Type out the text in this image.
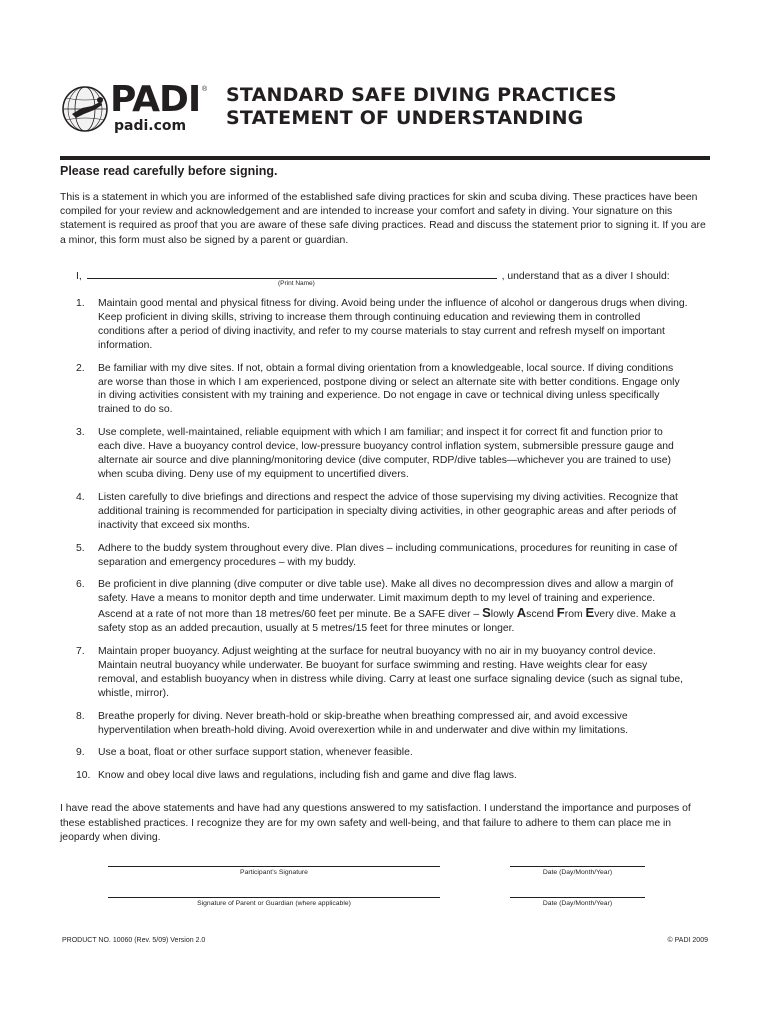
PADI ®
padi.com
STANDARD SAFE DIVING PRACTICES
STATEMENT OF UNDERSTANDING
Please read carefully before signing.
This is a statement in which you are informed of the established safe diving practices for skin and scuba diving. These practices have been compiled for your review and acknowledgement and are intended to increase your comfort and safety in diving. Your signature on this statement is required as proof that you are aware of these safe diving practices. Read and discuss the statement prior to signing it. If you are a minor, this form must also be signed by a parent or guardian.
I,	, understand that as a diver I should:
(Print Name)
1. Maintain good mental and physical fitness for diving. Avoid being under the influence of alcohol or dangerous drugs when diving. Keep proficient in diving skills, striving to increase them through continuing education and reviewing them in controlled conditions after a period of diving inactivity, and refer to my course materials to stay current and refresh myself on important information.
2. Be familiar with my dive sites. If not, obtain a formal diving orientation from a knowledgeable, local source. If diving conditions are worse than those in which I am experienced, postpone diving or select an alternate site with better conditions. Engage only in diving activities consistent with my training and experience. Do not engage in cave or technical diving unless specifically trained to do so.
3. Use complete, well-maintained, reliable equipment with which I am familiar; and inspect it for correct fit and function prior to each dive. Have a buoyancy control device, low-pressure buoyancy control inflation system, submersible pressure gauge and alternate air source and dive planning/monitoring device (dive computer, RDP/dive tables—whichever you are trained to use) when scuba diving. Deny use of my equipment to uncertified divers.
4. Listen carefully to dive briefings and directions and respect the advice of those supervising my diving activities. Recognize that additional training is recommended for participation in specialty diving activities, in other geographic areas and after periods of inactivity that exceed six months.
5. Adhere to the buddy system throughout every dive. Plan dives – including communications, procedures for reuniting in case of separation and emergency procedures – with my buddy.
6. Be proficient in dive planning (dive computer or dive table use). Make all dives no decompression dives and allow a margin of safety. Have a means to monitor depth and time underwater. Limit maximum depth to my level of training and experience. Ascend at a rate of not more than 18 metres/60 feet per minute. Be a SAFE diver – Slowly Ascend From Every dive. Make a safety stop as an added precaution, usually at 5 metres/15 feet for three minutes or longer.
7. Maintain proper buoyancy. Adjust weighting at the surface for neutral buoyancy with no air in my buoyancy control device. Maintain neutral buoyancy while underwater. Be buoyant for surface swimming and resting. Have weights clear for easy removal, and establish buoyancy when in distress while diving. Carry at least one surface signaling device (such as signal tube, whistle, mirror).
8. Breathe properly for diving. Never breath-hold or skip-breathe when breathing compressed air, and avoid excessive hyperventilation when breath-hold diving. Avoid overexertion while in and underwater and dive within my limitations.
9. Use a boat, float or other surface support station, whenever feasible.
10. Know and obey local dive laws and regulations, including fish and game and dive flag laws.
I have read the above statements and have had any questions answered to my satisfaction. I understand the importance and purposes of these established practices. I recognize they are for my own safety and well-being, and that failure to adhere to them can place me in jeopardy when diving.
Participant’s Signature	Date (Day/Month/Year)
Signature of Parent or Guardian (where applicable)	Date (Day/Month/Year)
PRODUCT NO. 10060 (Rev. 5/09) Version 2.0	© PADI 2009
